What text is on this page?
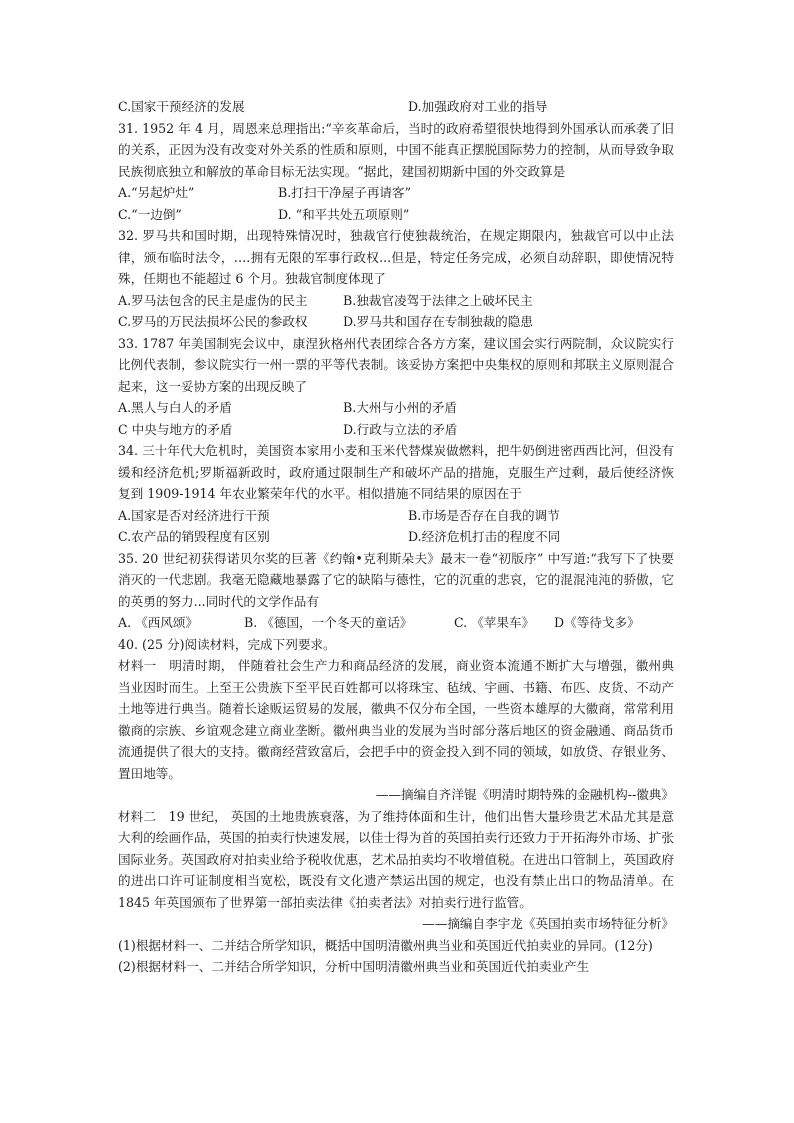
C.国家干预经济的发展	D.加强政府对工业的指导

31. 1952 年 4 月，周恩来总理指出:“辛亥革命后，当时的政府希望很快地得到外国承认而承袭了旧的关系，正因为没有改变对外关系的性质和原则，中国不能真正摆脱国际势力的控制，从而导致争取民族彻底独立和解放的革命目标无法实现。“据此，建国初期新中国的外交政算是

A.“另起炉灶”	B.打扫干净屋子再请客”
C.“一边倒”	D. “和平共处五项原则”

32. 罗马共和国时期，出现特殊情况时，独裁官行使独裁统治，在规定期限内，独裁官可以中止法律，颁布临时法令，….拥有无限的军事行政权...但是，特定任务完成，必须自动辞职，即使情况特殊，任期也不能超过 6 个月。独裁官制度体现了

A.罗马法包含的民主是虚伪的民主	B.独裁官凌驾于法律之上破坏民主
C.罗马的万民法损坏公民的参政权	D.罗马共和国存在专制独裁的隐患

33. 1787 年美国制宪会议中，康涅狄格州代表团综合各方方案，建议国会实行两院制，众议院实行比例代表制，参议院实行一州一票的平等代表制。该妥协方案把中央集权的原则和邦联主义原则混合起来，这一妥协方案的出现反映了

A.黑人与白人的矛盾	B.大州与小州的矛盾
C 中央与地方的矛盾	D.行政与立法的矛盾

34. 三十年代大危机时，美国资本家用小麦和玉米代替煤炭做燃料，把牛奶倒进密西西比河，但没有缓和经济危机;罗斯福新政时，政府通过限制生产和破坏产品的措施，克服生产过剩，最后使经济恢复到 1909-1914 年农业繁荣年代的水平。相似措施不同结果的原因在于

A.国家是否对经济进行干预	B.市场是否存在自我的调节
C.农产品的销毁程度有区别	D.经济危机打击的程度不同

35. 20 世纪初获得诺贝尔奖的巨著《约翰•克利斯朵夫》最末一卷“初版序” 中写道:“我写下了快要消灭的一代悲剧。我毫无隐藏地暴露了它的缺陷与德性，它的沉重的悲哀，它的混混沌沌的骄傲，它的英勇的努力...同时代的文学作品有

A. 《西风颂》	B. 《德国，一个冬天的童话》	C. 《苹果车》	D《等待戈多》

40. (25 分)阅读材料，完成下列要求。

材料一　明清时期， 伴随着社会生产力和商品经济的发展，商业资本流通不断扩大与增强，徽州典当业因时而生。上至王公贵族下至平民百姓都可以将珠宝、毡绒、宇画、书籍、布匹、皮货、不动产土地等进行典当。随着长途贩运贸易的发展，徽典不仅分布全国，一些资本雄厚的大徽商，常常利用徽商的宗族、乡谊观念建立商业垄断。徽州典当业的发展为当时部分落后地区的资金融通、商品货币流通提供了很大的支持。徽商经营致富后，会把手中的资金投入到不同的领域，如放贷、存银业务、置田地等。

——摘编自齐洋锟《明清时期特殊的金融机构--徽典》

材料二　19 世纪， 英国的土地贵族衰落，为了维持体面和生计，他们出售大量珍贵艺术品尤其是意大利的绘画作品，英国的拍卖行快速发展，以佳士得为首的英国拍卖行还致力于开拓海外市场、扩张国际业务。英国政府对拍卖业给予税收优惠，艺术品拍卖均不收增值税。在进出口管制上，英国政府的进出口许可证制度相当宽松，既没有文化遗产禁运出国的规定，也没有禁止出口的物品清单。在 1845 年英国颁布了世界第一部拍卖法律《拍卖者法》对拍卖行进行监管。

——摘编自李宇龙《英国拍卖市场特征分析》

(1)根据材料一、二并结合所学知识，概括中国明清徽州典当业和英国近代拍卖业的异同。(12分)

(2)根据材料一、二并结合所学知识，分析中国明清徽州典当业和英国近代拍卖业产生
